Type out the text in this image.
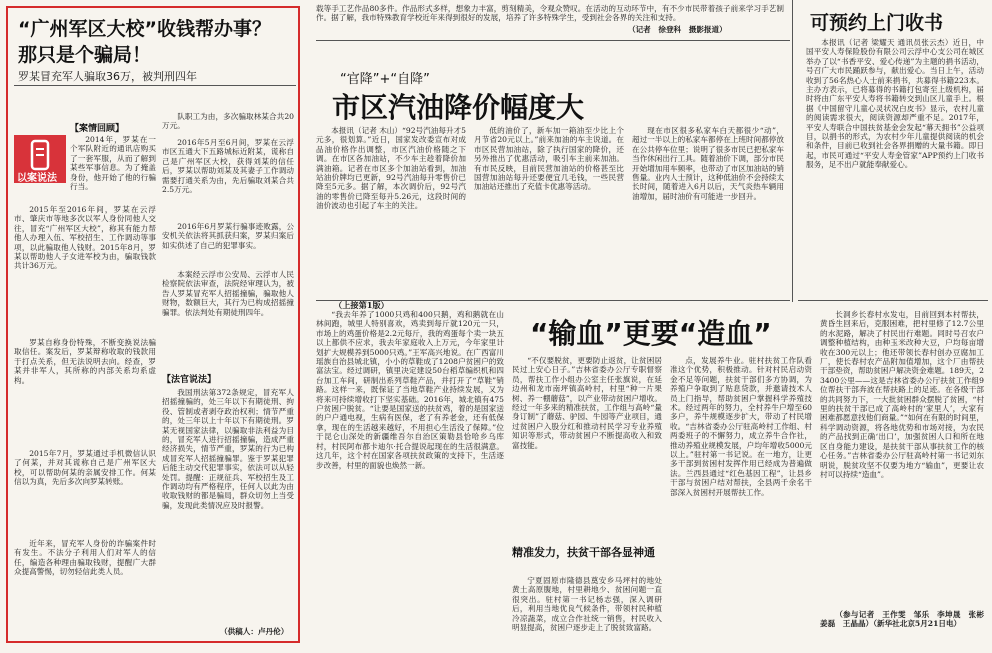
“广州军区大校”收钱帮办事？
那只是个骗局！
罗某冒充军人骗取36万，被判刑四年
以案说法
【案情回顾】

2014年，罗某在一个军队附近的通讯店购买了一套军服，从而了解到某些军事信息。为了掩盖身份，他开始了他的行骗行当。

2015年至2016年间，罗某在云浮市、肇庆市等地多次以军人身份同他人交往，冒充“广州军区大校”，称其有能力帮他人办理入伍、军校招生、工作调动等事项，以此骗取他人钱财。2015年8月，罗某以帮助他人子女进军校为由，骗取钱款共计36万元。

罗某自称身份特殊，不断变换说法骗取信任。案发后，罗某辩称收取的钱款用于打点关系，但无法说明去向。经查，罗某并非军人，其所称的内部关系均系虚构。

2015年7月，罗某通过手机微信认识了何某，并对其谎称自己是广州军区大校，可以帮助何某的亲属安排工作。何某信以为真，先后多次向罗某转账。

近年来，冒充军人身份的诈骗案件时有发生。不法分子利用人们对军人的信任，编造各种理由骗取钱财，提醒广大群众提高警惕，切勿轻信此类人员。

队职工为由，多次骗取林某合共20万元。

2016年5月至6月间，罗某在云浮市区五通大下五路城标近附某，谎称自己是广州军区大校，获得刘某的信任后，罗某以帮助刘某及其妻子工作调动需要打通关系为由，先后骗取刘某合共2.5万元。

2016年6月罗某行骗事迹败露，公安机关依法将其抓获归案，罗某归案后如实供述了自己的犯罪事实。

本案经云浮市公安局、云浮市人民检察院依法审查，法院经审理认为，被告人罗某冒充军人招摇撞骗，骗取他人财物，数额巨大，其行为已构成招摇撞骗罪。依法判处有期徒刑四年。

【法官说法】

我国刑法第372条规定，冒充军人招摇撞骗的，处三年以下有期徒刑、拘役、管制或者剥夺政治权利；情节严重的，处三年以上十年以下有期徒刑。罗某无视国家法律，以骗取非法利益为目的，冒充军人进行招摇撞骗，造成严重经济损失，情节严重，罗某的行为已构成冒充军人招摇撞骗罪。鉴于罗某犯罪后能主动交代犯罪事实，依法可以从轻处罚。提醒：正规征兵、军校招生及工作调动均有严格程序，任何人以此为由收取钱财的都是骗局，群众切勿上当受骗，发现此类情况应及时报警。

（供稿人：卢丹伦）

载等手工艺作品80多件。作品形式多样，想象力丰富，剪刻精美，令观众赞叹。在活动的互动环节中，有不少市民带着孩子前来学习手艺制作。据了解，我市特殊教育学校近年来得到很好的发展，培养了许多特殊学生，受到社会各界的关注和支持。

（记者　徐登科　摄影报道）
“官降”+“自降”
市区汽油降价幅度大

本报讯（记者 木山）“92号汽油每升才5元多，很划算。”近日，国家发改委宣布对成品油价格作出调整，市区汽油价格随之下调。在市区各加油站，不少车主趁着降价加满油箱。记者在市区多个加油站看到，加油站油价牌均已更新，92号汽油每升零售价已降至5元多。据了解，本次调价后，92号汽油的零售价已降至每升5.26元，这段时间的油价波动也引起了车主的关注。

低的油价了，新车加一箱油至少比上个月节省20元以上。”前来加油的车主说道。在市区民营加油站，除了执行国家的降价，还另外推出了优惠活动，吸引车主前来加油。有市民反映，目前民营加油站的价格甚至比国营加油站每升还要便宜几毛钱，一些民营加油站还推出了充值卡优惠等活动。

现在市区很多私家车白天都很少“动”，超过一半以上的私家车都停在上班时间都停放在公共停车位里；说明了很多市民已把私家车当作休闲出行工具。随着油价下调，部分市民开始增加用车频率，也带动了市区加油站的销售量。业内人士预计，这种低油价不会持续太长时间，随着进入6月以后，天气炎热车辆用油增加，届时油价有可能进一步回升。

可预约上门收书

本报讯（记者 梁耀天 通讯员张云杰）近日，中国平安人寿保险股份有限公司云浮中心支公司在城区举办了以“书香平安、爱心传递”为主题的捐书活动，号召广大市民踊跃参与，献出爱心。当日上午，活动收到了56名热心人士前来捐书，共募得书籍223本。主办方表示，已将募得的书籍打包寄至上级机构，届时将由广东平安人寿将书籍转交到山区儿童手上。根据《中国留守儿童心灵状况白皮书》显示，农村儿童的阅读需求很大，阅读资源却严重不足。2017年，平安人寿联合中国扶贫基金会发起“幕天拥书”公益项目，以捐书的形式，为农村少年儿童提供阅读的机会和条件，目前已收到社会各界捐赠的大量书籍。即日起，市民可通过“平安人寿金管家”APP预约上门收书服务，足不出户就能奉献爱心。

（上接第1版）

“我去年养了1000只鸡和400只鹅，鸡和鹅就在山林间跑，城里人特别喜欢，鸡卖到每斤就120元一只，市场上的鸡蛋价格是2.2元每斤，我的鸡蛋每个卖一块五以上都供不应求，我去年家庭收入上万元，今年家里计划扩大规模养到5000只鸡。”王军高兴地说。在广西富川瑶族自治县城北镇，小小的草鞋成了1208户贫困户的致富法宝。经过调研，镇里决定建设50台稻草编织机和四台加工车间，研制出系列草鞋产品，并打开了“草鞋”销路。这样一来，既保证了当地草鞋产业持续发展，又为将来可持续增收打下坚实基础。2016年，城北镇有475户贫困户脱贫。“让要是国家送的扶贫鸡，着的是国家送的户户通电视，生病有医保，老了有养老金，还有低保拿，现在的生活越来越好，不用担心生活没了保障。”位于昆仑山深处的新疆维吾尔自治区策勒县恰哈乡乌库村，村民阿布都卡迪尔·托合提说起现在的生活很满意。这几年，这个村在国家各项扶贫政策的支持下，生活逐步改善，村里的面貌也焕然一新。

“输血”更要“造血”

“不仅要脱贫，更要防止返贫，让贫困居民过上安心日子。”吉林省委办公厅专职督察员，帮扶工作小组办公室主任张旗说，在延边州和龙市南坪镇高岭村，村里“种一片果树、养一棚蘑菇”，以产业带动贫困户增收。经过一年多来的精准扶贫，工作组与高岭“量身订制”了蘑菇、驴园、牛园等产业项目，通过贫困户入股分红和推动村民学习专业养殖知识等形式，带动贫困户不断提高收入和致富技能。

精准发力，扶贫干部各显神通

宁夏固原市隆德县奠安乡马坪村的地处黄土高原腹地，村里耕地少、贫困问题一直很突出。驻村第一书记杨志强，深入调研后，利用当地优良气候条件，带领村民种植冷凉蔬菜，成立合作社统一销售，村民收入明显提高，贫困户逐步走上了脱贫致富路。

点，发展养牛业。驻村扶贫工作队看准这个优势，积极推动。针对村民启动资金不足等问题，扶贫干部们多方协调，为养殖户争取到了贴息贷款，并邀请技术人员上门指导，帮助贫困户掌握科学养殖技术。经过两年的努力，全村养牛户增至60多户，养牛规模逐步扩大，带动了村民增收。“吉林省委办公厅驻高岭村工作组、村两委班子的不懈努力，成立养牛合作社，推动养殖业规模发展，户均年增收5000元以上。”驻村第一书记说。在一地方，让更多干部到贫困村发挥作用已经成为普遍做法。兰西县通过“红色基因工程”，让县乡干部与贫困户结对帮扶，全县两千余名干部深入贫困村开展帮扶工作。

长洞乡长春村水发屯，目前回到本村帮扶，黄昏生回来后，克服困难，把村里修了12.7公里的水泥路，解决了村民出行难题。同时号召农户调整种植结构，由种玉米改种大豆，户均每亩增收在300元以上；他还带领长春村创办豆腐加工厂，使长春村农产品附加值增加，这个厂由帮扶干部垫资，帮助贫困户解决资金难题。189天，23400公里——这是吉林省委办公厅扶贫工作组9位帮扶干部奔波在帮扶路上的足迹。在各级干部的共同努力下，一大批贫困群众摆脱了贫困，“村里的扶贫干部已成了高岭村的‘家里人’，大家有困难都愿意找他们商量。”“如何在有限的时间里，科学调动资源，将各地优势和市场对接，为农民的产品找到正确‘出口’，加强贫困人口和所在地区自身能力建设，是扶贫干部从事扶贫工作的核心任务。”吉林省委办公厅驻高岭村第一书记刘东明说，脱贫攻坚不仅要为地方“输血”，更要让农村可以持续“造血”。

（参与记者　王作雯　邹乐　李坤晟　张彬　姜磊　王晶晶）（新华社北京5月21日电）
